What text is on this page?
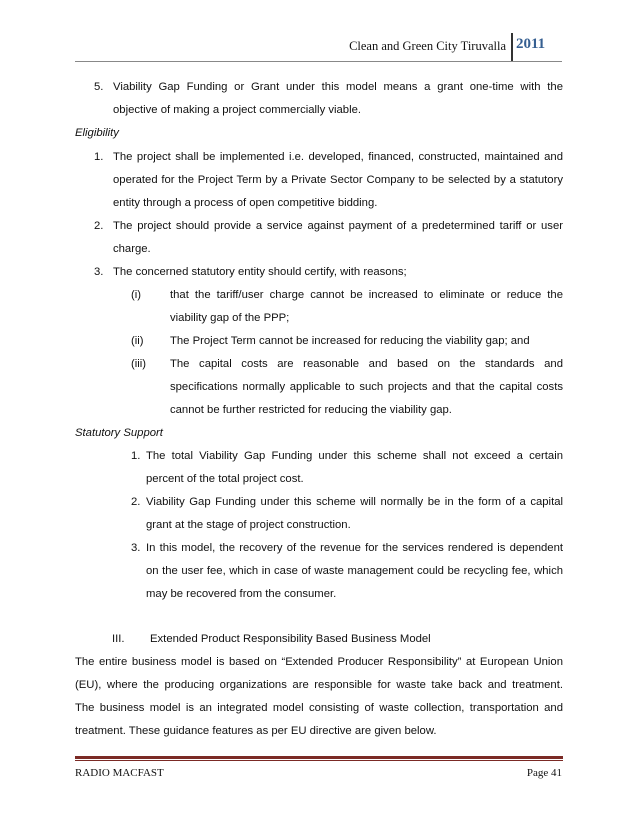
Clean and Green City Tiruvalla 2011
5. Viability Gap Funding or Grant under this model means a grant one-time with the
objective of making a project commercially viable.
Eligibility
1. The project shall be implemented i.e. developed, financed, constructed, maintained and
operated for the Project Term by a Private Sector Company to be selected by a statutory
entity through a process of open competitive bidding.
2. The project should provide a service against payment of a predetermined tariff or user
charge.
3. The concerned statutory entity should certify, with reasons;
(i)	that the tariff/user charge cannot be increased to eliminate or reduce the
viability gap of the PPP;
(ii) The Project Term cannot be increased for reducing the viability gap; and
(iii) The capital costs are reasonable and based on the standards and
specifications normally applicable to such projects and that the capital costs
cannot be further restricted for reducing the viability gap.
Statutory Support
1. The total Viability Gap Funding under this scheme shall not exceed a certain
percent of the total project cost.
2. Viability Gap Funding under this scheme will normally be in the form of a capital
grant at the stage of project construction.
3. In this model, the recovery of the revenue for the services rendered is dependent
on the user fee, which in case of waste management could be recycling fee, which
may be recovered from the consumer.
III. Extended Product Responsibility Based Business Model
The entire business model is based on “Extended Producer Responsibility” at European Union
(EU), where the producing organizations are responsible for waste take back and treatment.
The business model is an integrated model consisting of waste collection, transportation and
treatment. These guidance features as per EU directive are given below.
RADIO MACFAST	Page 41
